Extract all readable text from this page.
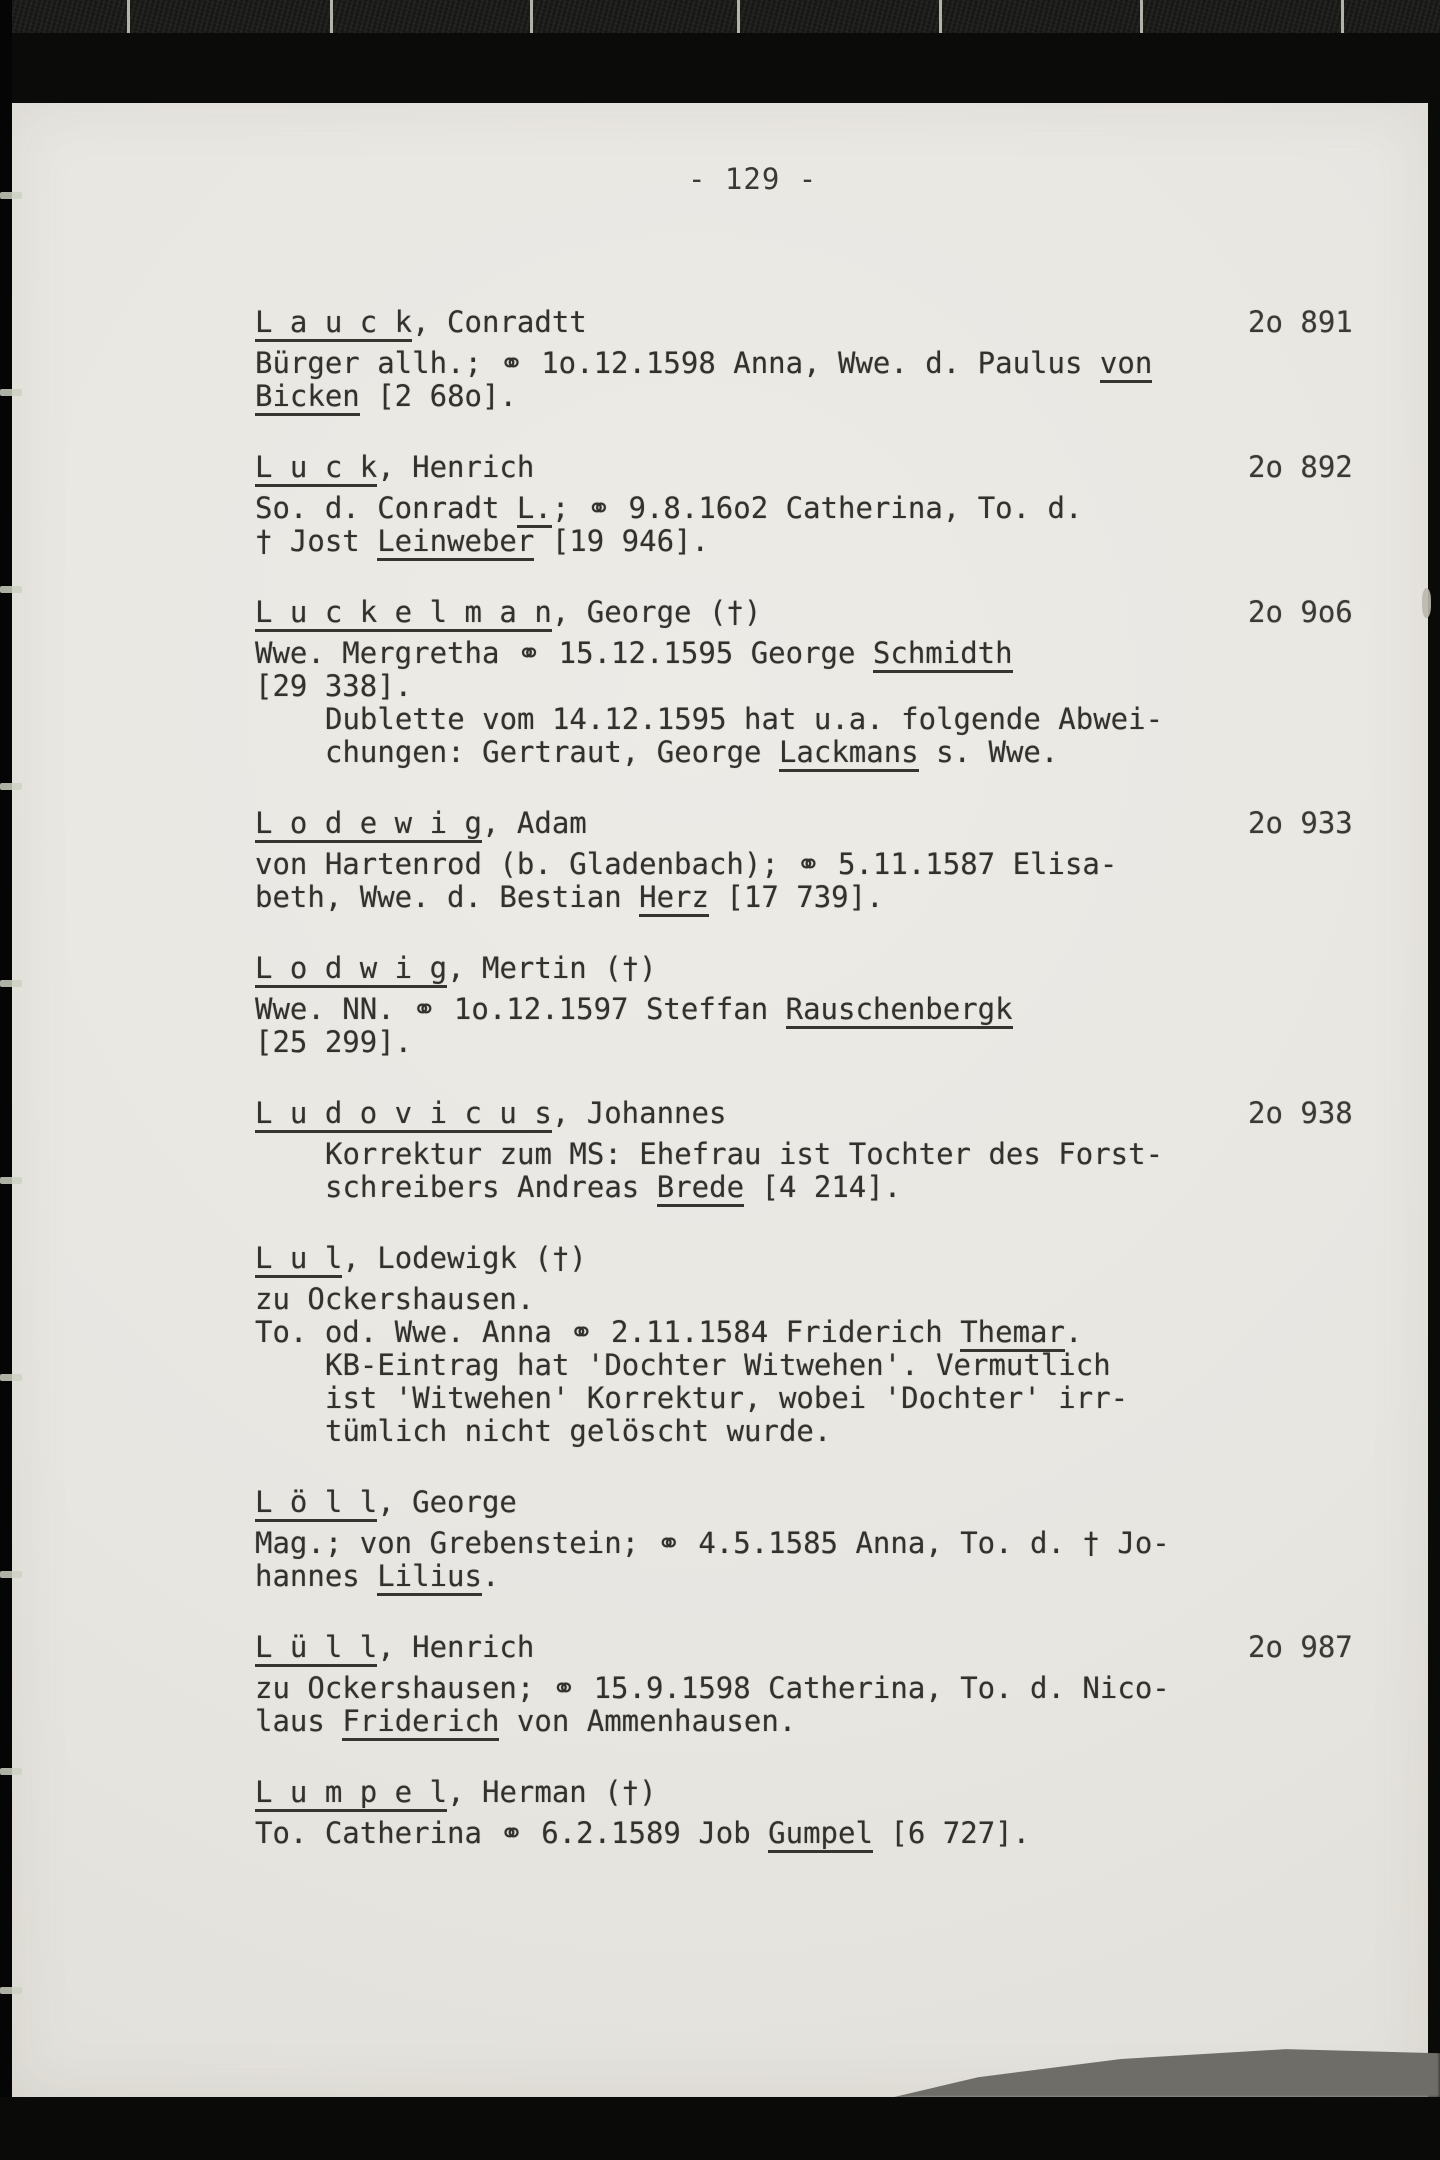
- 129 -
L a u c k, Conradtt
Bürger allh.; ⚭ 1o.12.1598 Anna, Wwe. d. Paulus von
Bicken [2 68o].
2o 891
L u c k, Henrich
So. d. Conradt L.; ⚭ 9.8.16o2 Catherina, To. d.
† Jost Leinweber [19 946].
2o 892
L u c k e l m a n, George (†)
Wwe. Mergretha ⚭ 15.12.1595 George Schmidth
[29 338].
Dublette vom 14.12.1595 hat u.a. folgende Abwei-
chungen: Gertraut, George Lackmans s. Wwe.
2o 9o6
L o d e w i g, Adam
von Hartenrod (b. Gladenbach); ⚭ 5.11.1587 Elisa-
beth, Wwe. d. Bestian Herz [17 739].
2o 933
L o d w i g, Mertin (†)
Wwe. NN. ⚭ 1o.12.1597 Steffan Rauschenbergk
[25 299].
L u d o v i c u s, Johannes
Korrektur zum MS: Ehefrau ist Tochter des Forst-
schreibers Andreas Brede [4 214].
2o 938
L u l, Lodewigk (†)
zu Ockershausen.
To. od. Wwe. Anna ⚭ 2.11.1584 Friderich Themar.
KB-Eintrag hat 'Dochter Witwehen'. Vermutlich
ist 'Witwehen' Korrektur, wobei 'Dochter' irr-
tümlich nicht gelöscht wurde.
L ö l l, George
Mag.; von Grebenstein; ⚭ 4.5.1585 Anna, To. d. † Jo-
hannes Lilius.
L ü l l, Henrich
zu Ockershausen; ⚭ 15.9.1598 Catherina, To. d. Nico-
laus Friderich von Ammenhausen.
2o 987
L u m p e l, Herman (†)
To. Catherina ⚭ 6.2.1589 Job Gumpel [6 727].
